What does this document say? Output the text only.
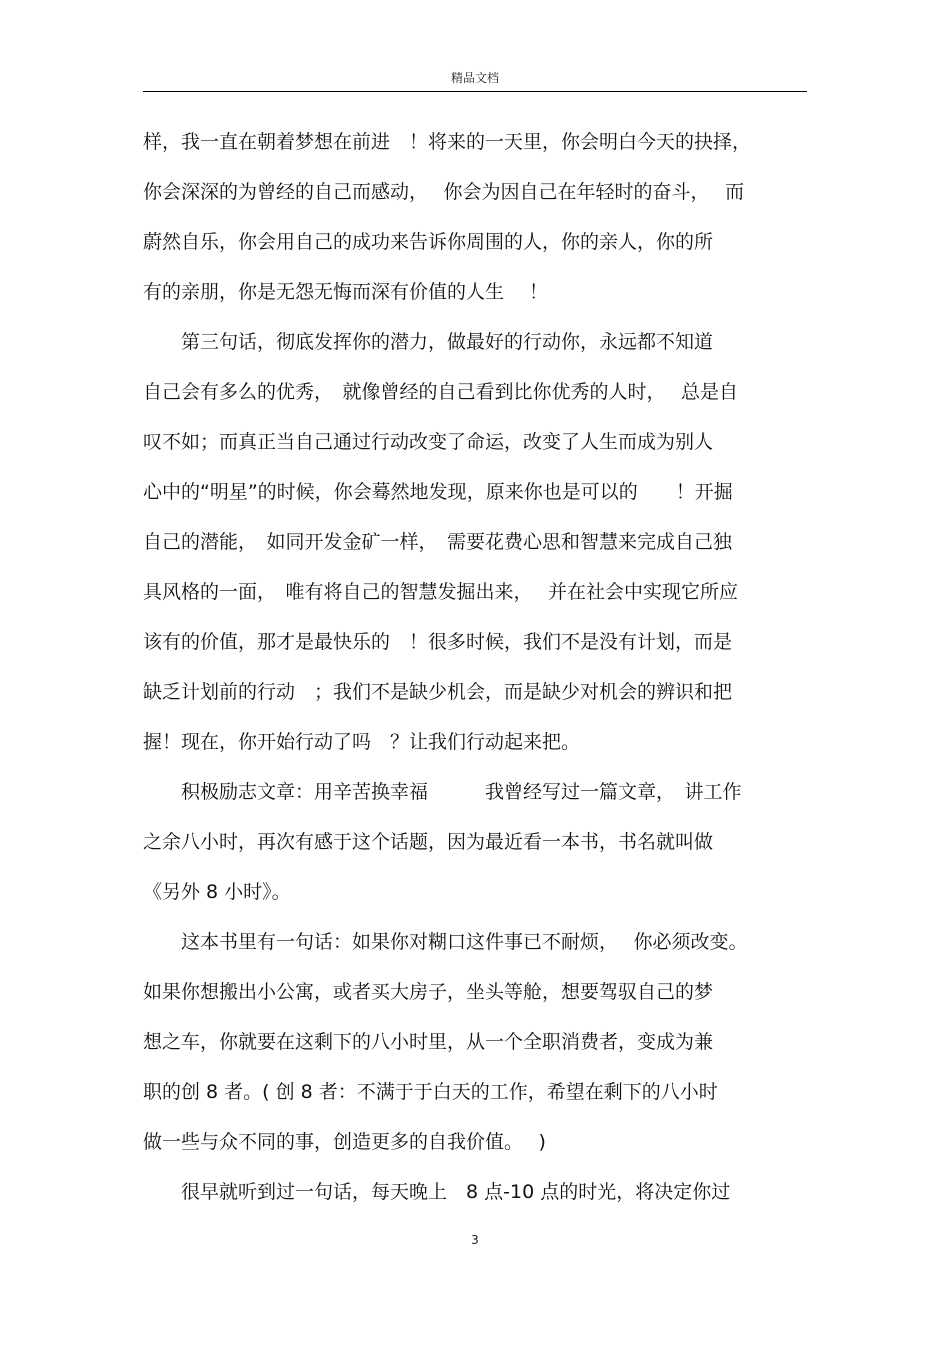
精品文档
样，我一直在朝着梦想在前进　！将来的一天里，你会明白今天的抉择，
你会深深的为曾经的自己而感动，　 你会为因自己在年轻时的奋斗，　 而
蔚然自乐，你会用自己的成功来告诉你周围的人，你的亲人，你的所
有的亲朋，你是无怨无悔而深有价值的人生　 ！
　　第三句话，彻底发挥你的潜力，做最好的行动你，永远都不知道
自己会有多么的优秀，　就像曾经的自己看到比你优秀的人时，　 总是自
叹不如；而真正当自己通过行动改变了命运，改变了人生而成为别人
心中的“明星”的时候，你会蓦然地发现，原来你也是可以的　　！开掘
自己的潜能，　如同开发金矿一样，　需要花费心思和智慧来完成自己独
具风格的一面，　唯有将自己的智慧发掘出来，　 并在社会中实现它所应
该有的价值，那才是最快乐的　！很多时候，我们不是没有计划，而是
缺乏计划前的行动　；我们不是缺少机会，而是缺少对机会的辨识和把
握！现在，你开始行动了吗　？让我们行动起来把。
　　积极励志文章：用辛苦换幸福　　　我曾经写过一篇文章，　讲工作
之余八小时，再次有感于这个话题，因为最近看一本书，书名就叫做
《另外 8 小时》。
　　这本书里有一句话：如果你对糊口这件事已不耐烦，　 你必须改变。
如果你想搬出小公寓，或者买大房子，坐头等舱，想要驾驭自己的梦
想之车，你就要在这剩下的八小时里，从一个全职消费者，变成为兼
职的创 8 者。( 创 8 者：不满于于白天的工作，希望在剩下的八小时
做一些与众不同的事，创造更多的自我价值。　 )
　　很早就听到过一句话，每天晚上　8 点-10 点的时光，将决定你过
3
